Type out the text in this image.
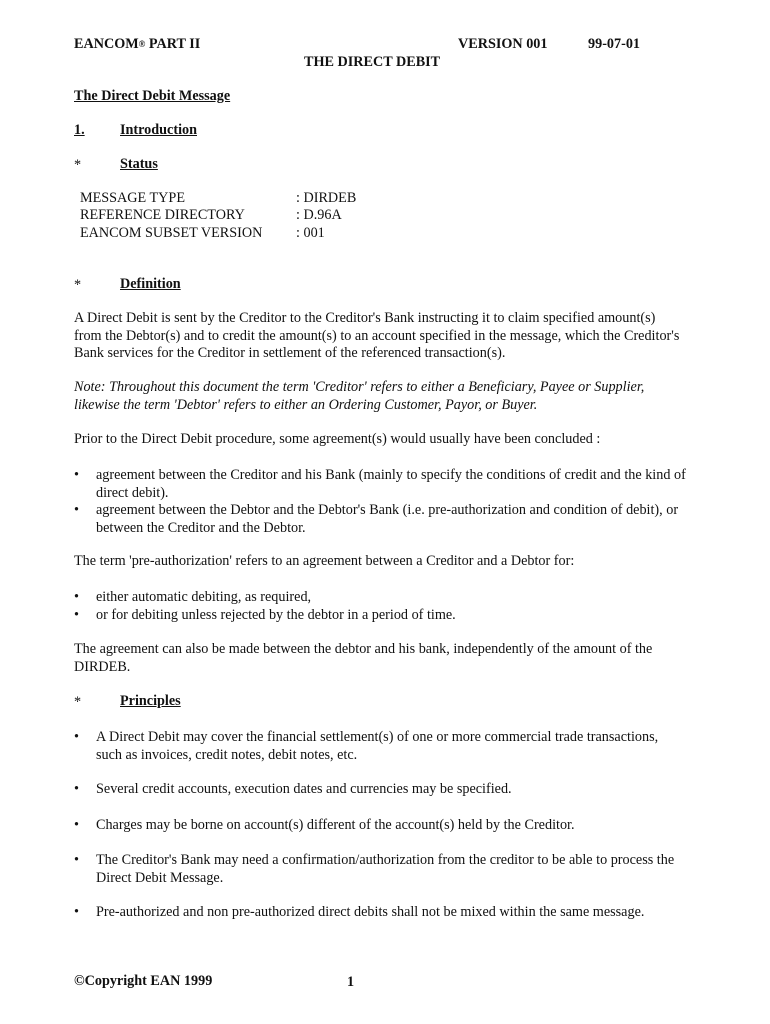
EANCOM® PART II	VERSION 001	99-07-01
THE DIRECT DEBIT
The Direct Debit Message
1. Introduction
*	Status
MESSAGE TYPE	: DIRDEB
REFERENCE DIRECTORY	: D.96A
EANCOM SUBSET VERSION : 001
*	Definition
A Direct Debit is sent by the Creditor to the Creditor's Bank instructing it to claim specified amount(s) from the Debtor(s) and to credit the amount(s) to an account specified in the message, which the Creditor's Bank services for the Creditor in settlement of the referenced transaction(s).
Note: Throughout this document the term 'Creditor' refers to either a Beneficiary, Payee or Supplier, likewise the term 'Debtor' refers to either an Ordering Customer, Payor, or Buyer.
Prior to the Direct Debit procedure, some agreement(s) would usually have been concluded :
• agreement between the Creditor and his Bank (mainly to specify the conditions of credit and the kind of direct debit).
• agreement between the Debtor and the Debtor's Bank (i.e. pre-authorization and condition of debit), or between the Creditor and the Debtor.
The term 'pre-authorization' refers to an agreement between a Creditor and a Debtor for:
• either automatic debiting, as required,
• or for debiting unless rejected by the debtor in a period of time.
The agreement can also be made between the debtor and his bank, independently of the amount of the DIRDEB.
*	Principles
• A Direct Debit may cover the financial settlement(s) of one or more commercial trade transactions, such as invoices, credit notes, debit notes, etc.
• Several credit accounts, execution dates and currencies may be specified.
• Charges may be borne on account(s) different of the account(s) held by the Creditor.
• The Creditor's Bank may need a confirmation/authorization from the creditor to be able to process the Direct Debit Message.
• Pre-authorized and non pre-authorized direct debits shall not be mixed within the same message.
©Copyright EAN 1999	1
